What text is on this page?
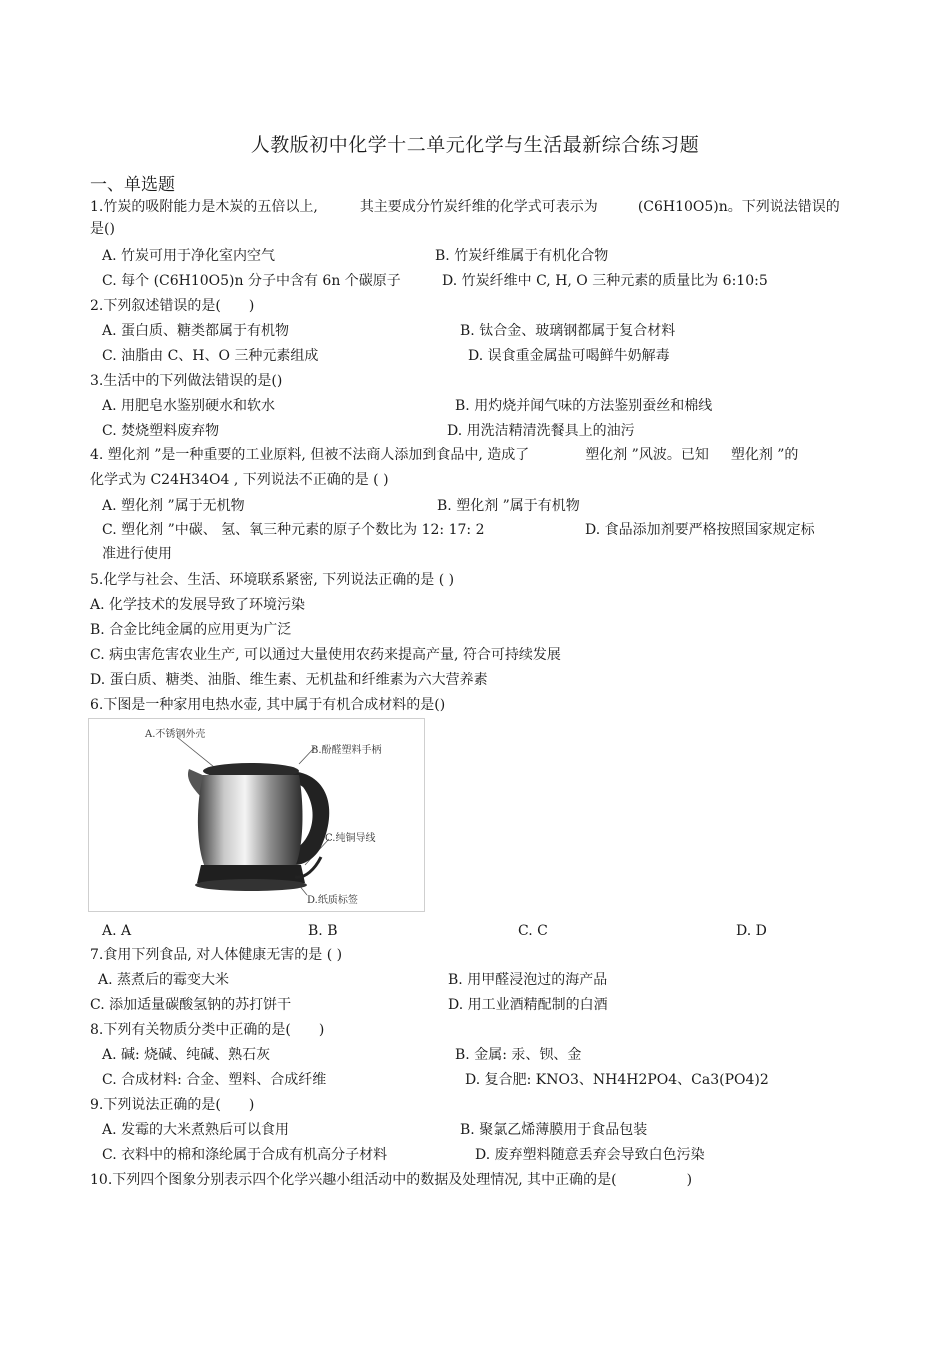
人教版初中化学十二单元化学与生活最新综合练习题
一、单选题
1.竹炭的吸附能力是木炭的五倍以上,	其主要成分竹炭纤维的化学式可表示为	(C6H10O5)n。下列说法错误的
是()
A. 竹炭可用于净化室内空气	B. 竹炭纤维属于有机化合物
C. 每个 (C6H10O5)n 分子中含有 6n 个碳原子	D. 竹炭纤维中 C, H, O 三种元素的质量比为 6:10:5
2.下列叙述错误的是(　　)
A. 蛋白质、糖类都属于有机物	B. 钛合金、玻璃钢都属于复合材料
C. 油脂由 C、H、O 三种元素组成	D. 误食重金属盐可喝鲜牛奶解毒
3.生活中的下列做法错误的是()
A. 用肥皂水鉴别硬水和软水	B. 用灼烧并闻气味的方法鉴别蚕丝和棉线
C. 焚烧塑料废弃物	D. 用洗洁精清洗餐具上的油污
4. 塑化剂 ”是一种重要的工业原料, 但被不法商人添加到食品中, 造成了	塑化剂 ”风波。已知 塑化剂 ”的
化学式为 C24H34O4 , 下列说法不正确的是 ( )
A. 塑化剂 ”属于无机物	B. 塑化剂 ”属于有机物
C. 塑化剂 ”中碳、 氢、氧三种元素的原子个数比为 12: 17: 2	D. 食品添加剂要严格按照国家规定标
准进行使用
5.化学与社会、生活、环境联系紧密, 下列说法正确的是 ( )
A. 化学技术的发展导致了环境污染
B. 合金比纯金属的应用更为广泛
C. 病虫害危害农业生产, 可以通过大量使用农药来提高产量, 符合可持续发展
D. 蛋白质、糖类、油脂、维生素、无机盐和纤维素为六大营养素
6.下图是一种家用电热水壶, 其中属于有机合成材料的是()
A.不锈钢外壳
B.酚醛塑料手柄
C.纯铜导线
D.纸质标签
A. A	B. B	C. C	D. D
7.食用下列食品, 对人体健康无害的是 ( )
A. 蒸煮后的霉变大米	B. 用甲醛浸泡过的海产品
C. 添加适量碳酸氢钠的苏打饼干	D. 用工业酒精配制的白酒
8.下列有关物质分类中正确的是(　　)
A. 碱: 烧碱、纯碱、熟石灰	B. 金属: 汞、钡、金
C. 合成材料: 合金、塑料、合成纤维	D. 复合肥: KNO3、NH4H2PO4、Ca3(PO4)2
9.下列说法正确的是(　　)
A. 发霉的大米煮熟后可以食用	B. 聚氯乙烯薄膜用于食品包装
C. 衣料中的棉和涤纶属于合成有机高分子材料	D. 废弃塑料随意丢弃会导致白色污染
10.下列四个图象分别表示四个化学兴趣小组活动中的数据及处理情况, 其中正确的是(　　　　　)
